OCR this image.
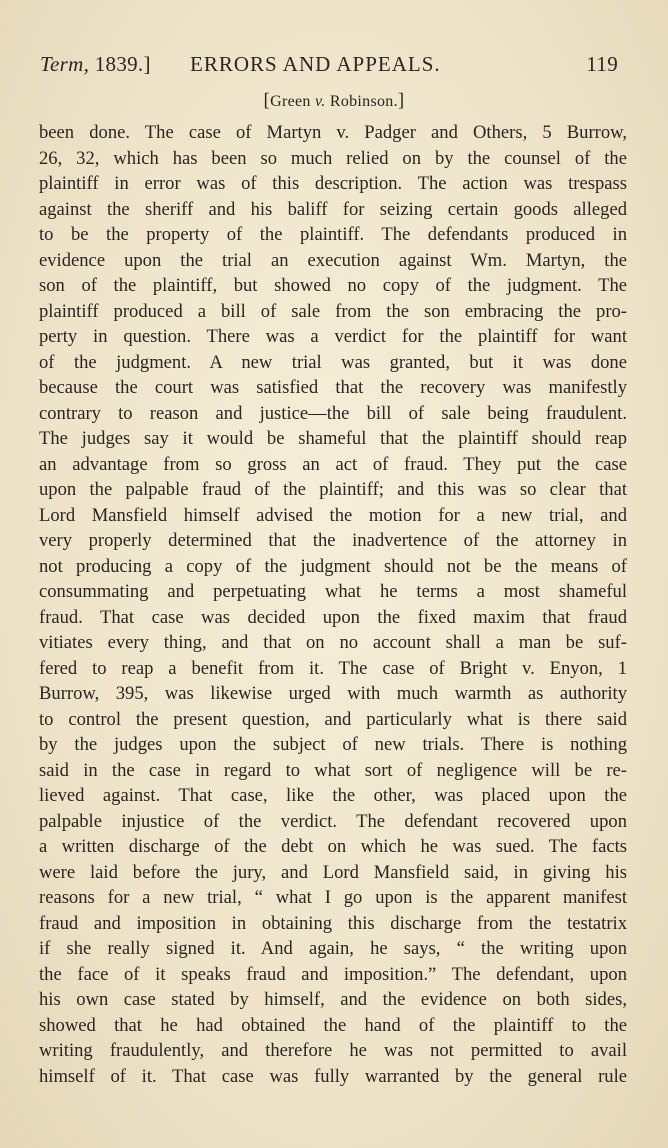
Term, 1839.] ERRORS AND APPEALS.	119
[Green v. Robinson.]
been done. The case of Martyn v. Padger and Others, 5 Burrow,
26, 32, which has been so much relied on by the counsel of the
plaintiff in error was of this description. The action was trespass
against the sheriff and his baliff for seizing certain goods alleged
to be the property of the plaintiff. The defendants produced in
evidence upon the trial an execution against Wm. Martyn, the
son of the plaintiff, but showed no copy of the judgment. The
plaintiff produced a bill of sale from the son embracing the pro-
perty in question. There was a verdict for the plaintiff for want
of the judgment. A new trial was granted, but it was done
because the court was satisfied that the recovery was manifestly
contrary to reason and justice—the bill of sale being fraudulent.
The judges say it would be shameful that the plaintiff should reap
an advantage from so gross an act of fraud. They put the case
upon the palpable fraud of the plaintiff; and this was so clear that
Lord Mansfield himself advised the motion for a new trial, and
very properly determined that the inadvertence of the attorney in
not producing a copy of the judgment should not be the means of
consummating and perpetuating what he terms a most shameful
fraud. That case was decided upon the fixed maxim that fraud
vitiates every thing, and that on no account shall a man be suf-
fered to reap a benefit from it. The case of Bright v. Enyon, 1
Burrow, 395, was likewise urged with much warmth as authority
to control the present question, and particularly what is there said
by the judges upon the subject of new trials. There is nothing
said in the case in regard to what sort of negligence will be re-
lieved against. That case, like the other, was placed upon the
palpable injustice of the verdict. The defendant recovered upon
a written discharge of the debt on which he was sued. The facts
were laid before the jury, and Lord Mansfield said, in giving his
reasons for a new trial, “ what I go upon is the apparent manifest
fraud and imposition in obtaining this discharge from the testatrix
if she really signed it. And again, he says, “ the writing upon
the face of it speaks fraud and imposition.” The defendant, upon
his own case stated by himself, and the evidence on both sides,
showed that he had obtained the hand of the plaintiff to the
writing fraudulently, and therefore he was not permitted to avail
himself of it. That case was fully warranted by the general rule
